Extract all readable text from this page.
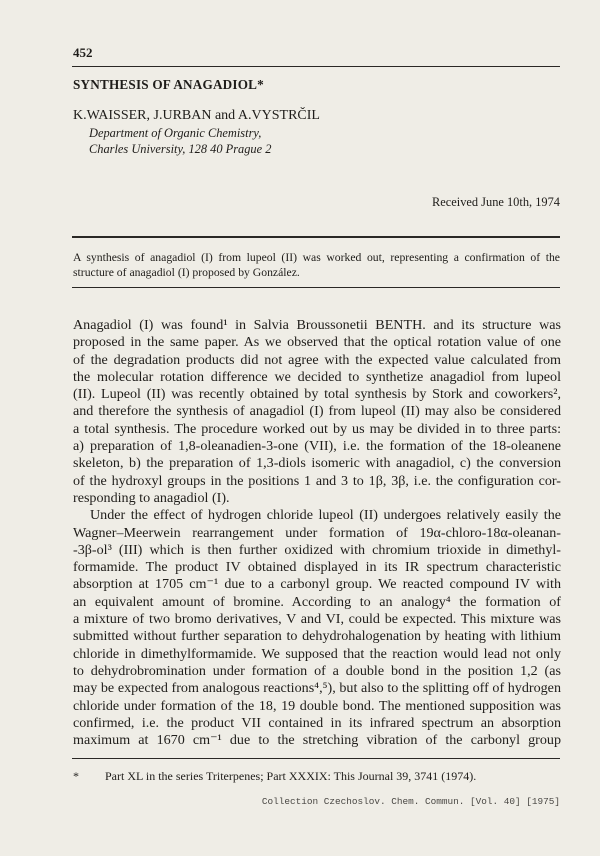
452
SYNTHESIS OF ANAGADIOL*
K.WAISSER, J.URBAN and A.VYSTRČIL
Department of Organic Chemistry,
Charles University, 128 40 Prague 2
Received June 10th, 1974

A synthesis of anagadiol (I) from lupeol (II) was worked out, representing a confirmation of the

structure of anagadiol (I) proposed by González.

Anagadiol (I) was found¹ in Salvia Broussonetii BENTH. and its structure was

proposed in the same paper. As we observed that the optical rotation value of one

of the degradation products did not agree with the expected value calculated from

the molecular rotation difference we decided to synthetize anagadiol from lupeol

(II). Lupeol (II) was recently obtained by total synthesis by Stork and coworkers²,

and therefore the synthesis of anagadiol (I) from lupeol (II) may also be considered

a total synthesis. The procedure worked out by us may be divided in to three parts:

a) preparation of 1,8-oleanadien-3-one (VII), i.e. the formation of the 18-oleanene

skeleton, b) the preparation of 1,3-diols isomeric with anagadiol, c) the conversion

of the hydroxyl groups in the positions 1 and 3 to 1β, 3β, i.e. the configuration cor-

responding to anagadiol (I).

Under the effect of hydrogen chloride lupeol (II) undergoes relatively easily the

Wagner–Meerwein rearrangement under formation of 19α-chloro-18α-oleanan-

-3β-ol³ (III) which is then further oxidized with chromium trioxide in dimethyl-

formamide. The product IV obtained displayed in its IR spectrum characteristic

absorption at 1705 cm⁻¹ due to a carbonyl group. We reacted compound IV with

an equivalent amount of bromine. According to an analogy⁴ the formation of

a mixture of two bromo derivatives, V and VI, could be expected. This mixture was

submitted without further separation to dehydrohalogenation by heating with lithium

chloride in dimethylformamide. We supposed that the reaction would lead not only

to dehydrobromination under formation of a double bond in the position 1,2 (as

may be expected from analogous reactions⁴,⁵), but also to the splitting off of hydrogen

chloride under formation of the 18, 19 double bond. The mentioned supposition was

confirmed, i.e. the product VII contained in its infrared spectrum an absorption

maximum at 1670 cm⁻¹ due to the stretching vibration of the carbonyl group

* Part XL in the series Triterpenes; Part XXXIX: This Journal 39, 3741 (1974).
Collection Czechoslov. Chem. Commun. [Vol. 40] [1975]
